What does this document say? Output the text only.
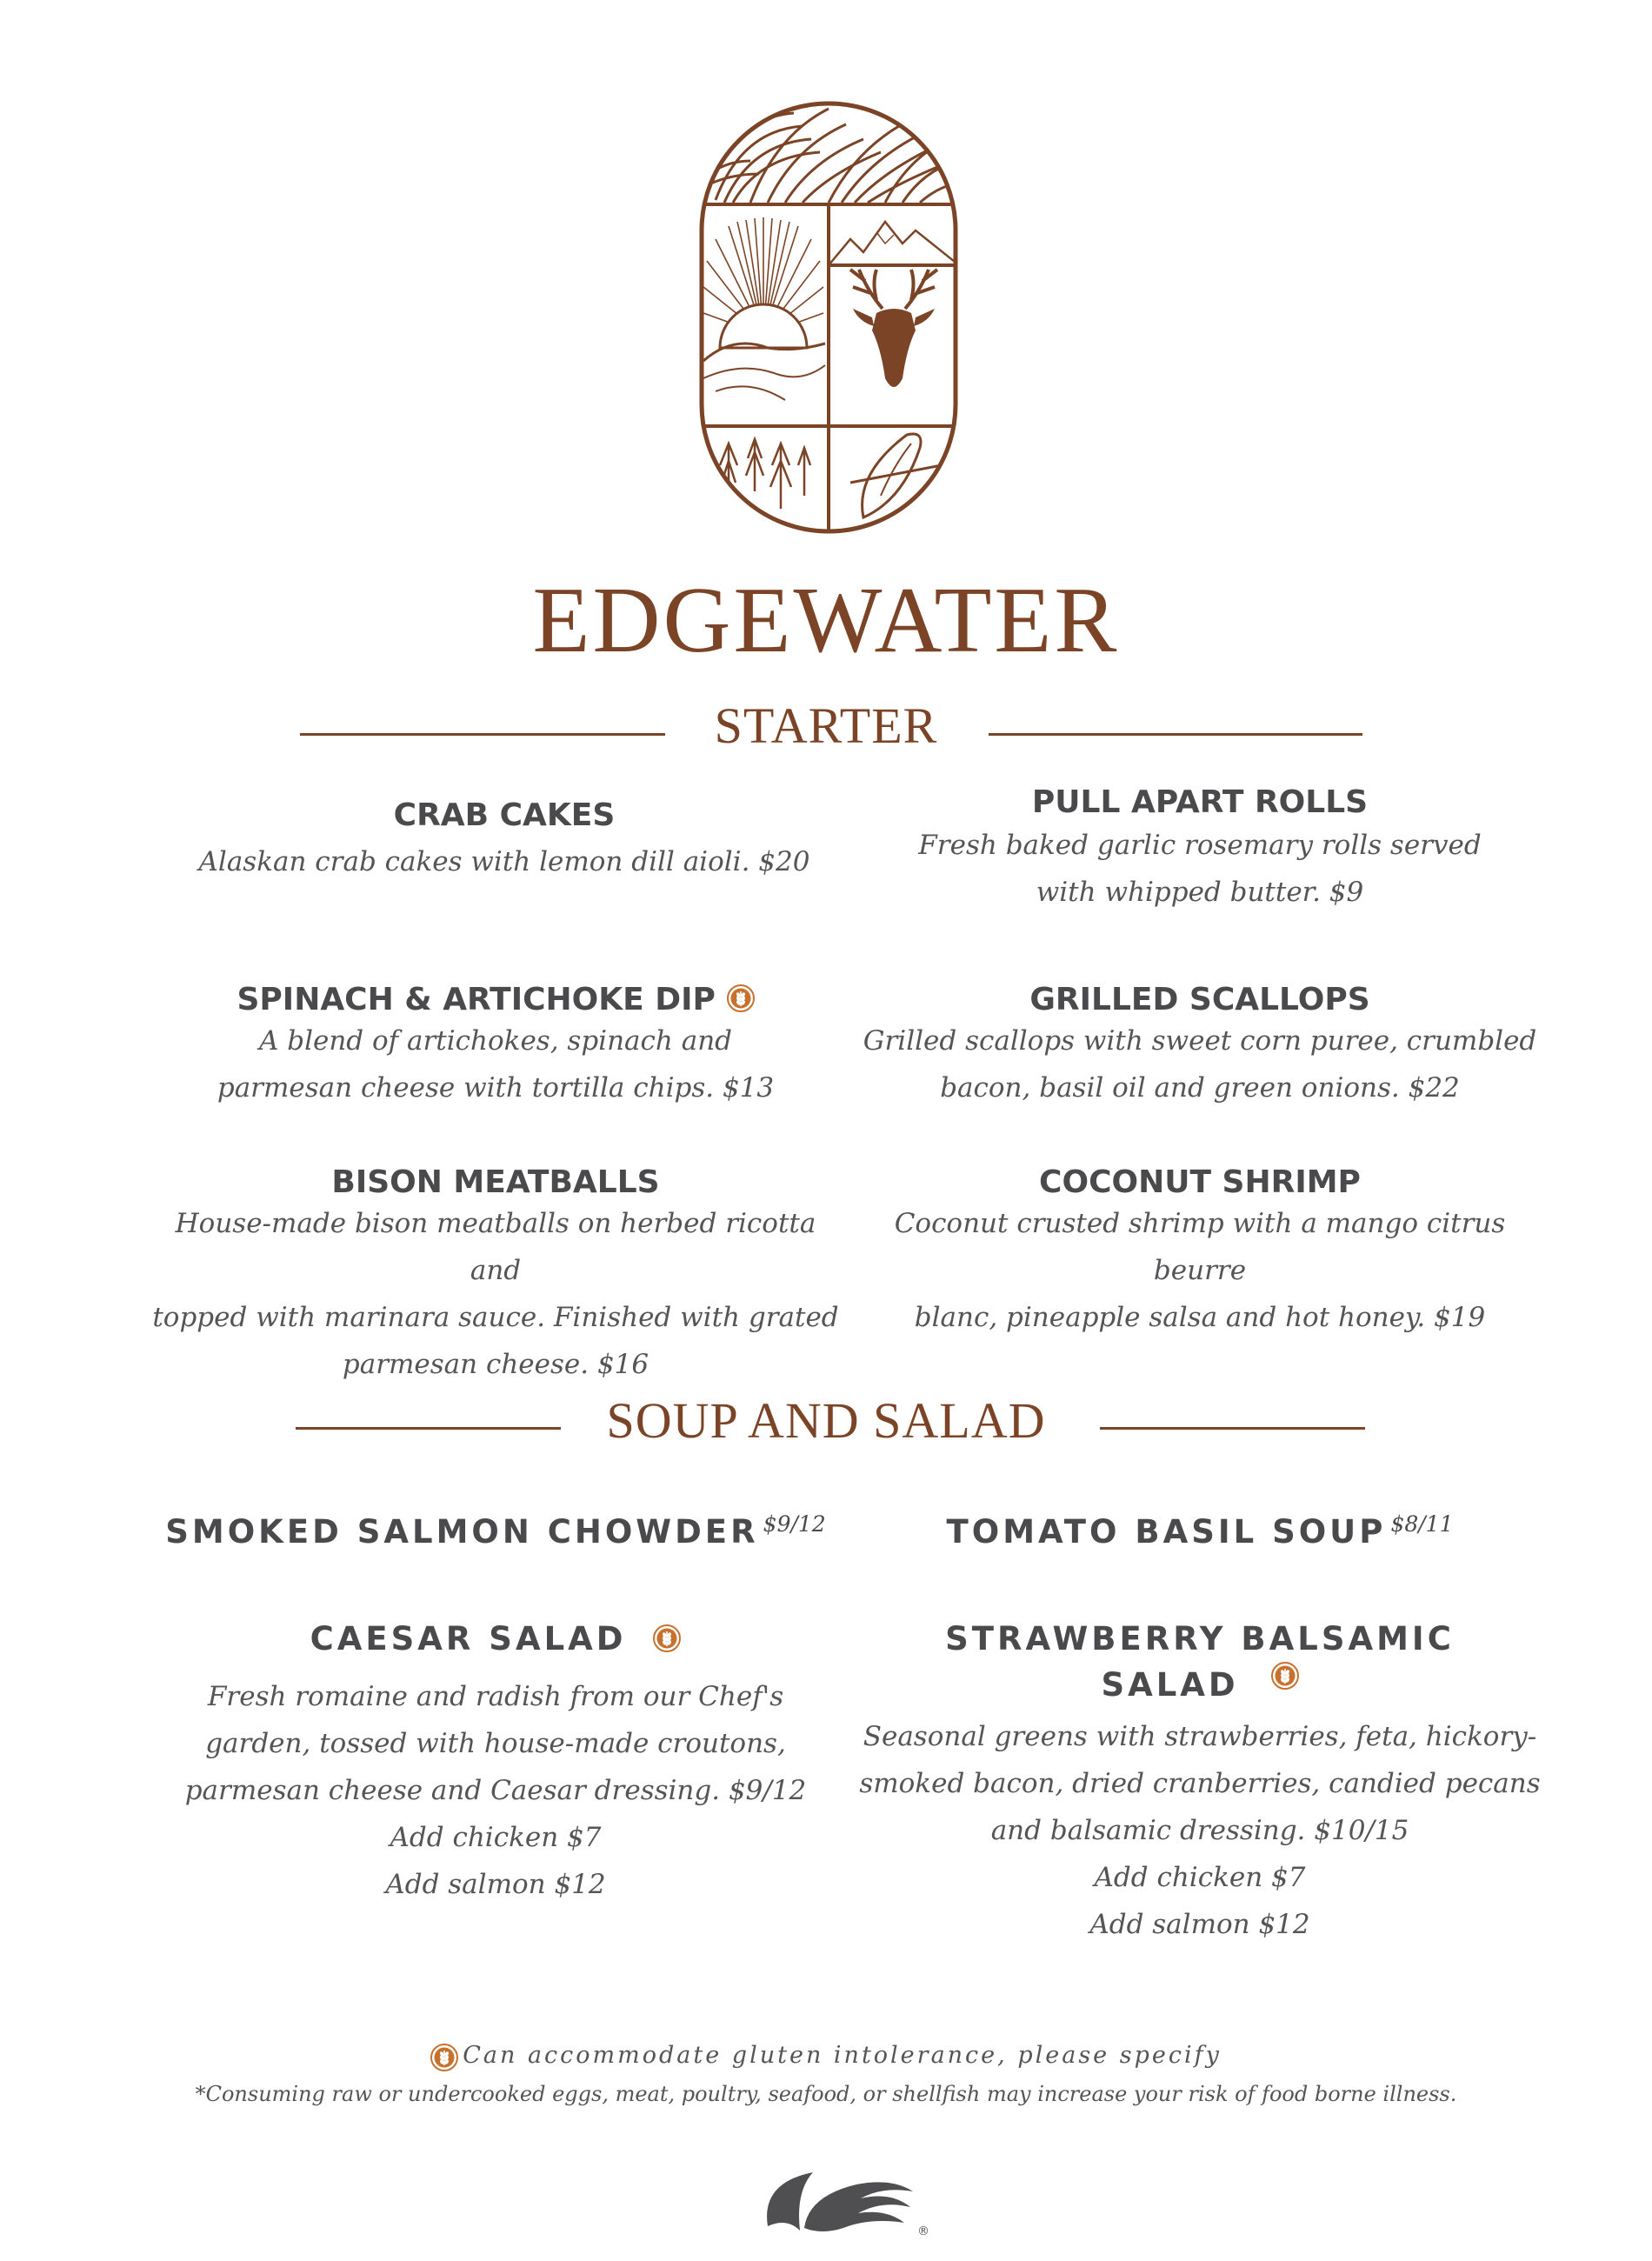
EDGEWATER
STARTER
CRAB CAKES
Alaskan crab cakes with lemon dill aioli. $20
PULL APART ROLLS
Fresh baked garlic rosemary rolls served
with whipped butter. $9
SPINACH & ARTICHOKE DIP
A blend of artichokes, spinach and
parmesan cheese with tortilla chips. $13
GRILLED SCALLOPS
Grilled scallops with sweet corn puree, crumbled
bacon, basil oil and green onions. $22
BISON MEATBALLS
House-made bison meatballs on herbed ricotta and
topped with marinara sauce. Finished with grated
parmesan cheese. $16
COCONUT SHRIMP
Coconut crusted shrimp with a mango citrus beurre
blanc, pineapple salsa and hot honey. $19
SOUP AND SALAD
SMOKED SALMON CHOWDER $9/12	TOMATO BASIL SOUP $8/11
CAESAR SALAD
Fresh romaine and radish from our Chef's
garden, tossed with house-made croutons,
parmesan cheese and Caesar dressing. $9/12
Add chicken $7
Add salmon $12
STRAWBERRY BALSAMIC
SALAD
Seasonal greens with strawberries, feta, hickory-
smoked bacon, dried cranberries, candied pecans
and balsamic dressing. $10/15
Add chicken $7
Add salmon $12
Can accommodate gluten intolerance, please specify
*Consuming raw or undercooked eggs, meat, poultry, seafood, or shellfish may increase your risk of food borne illness.
®
